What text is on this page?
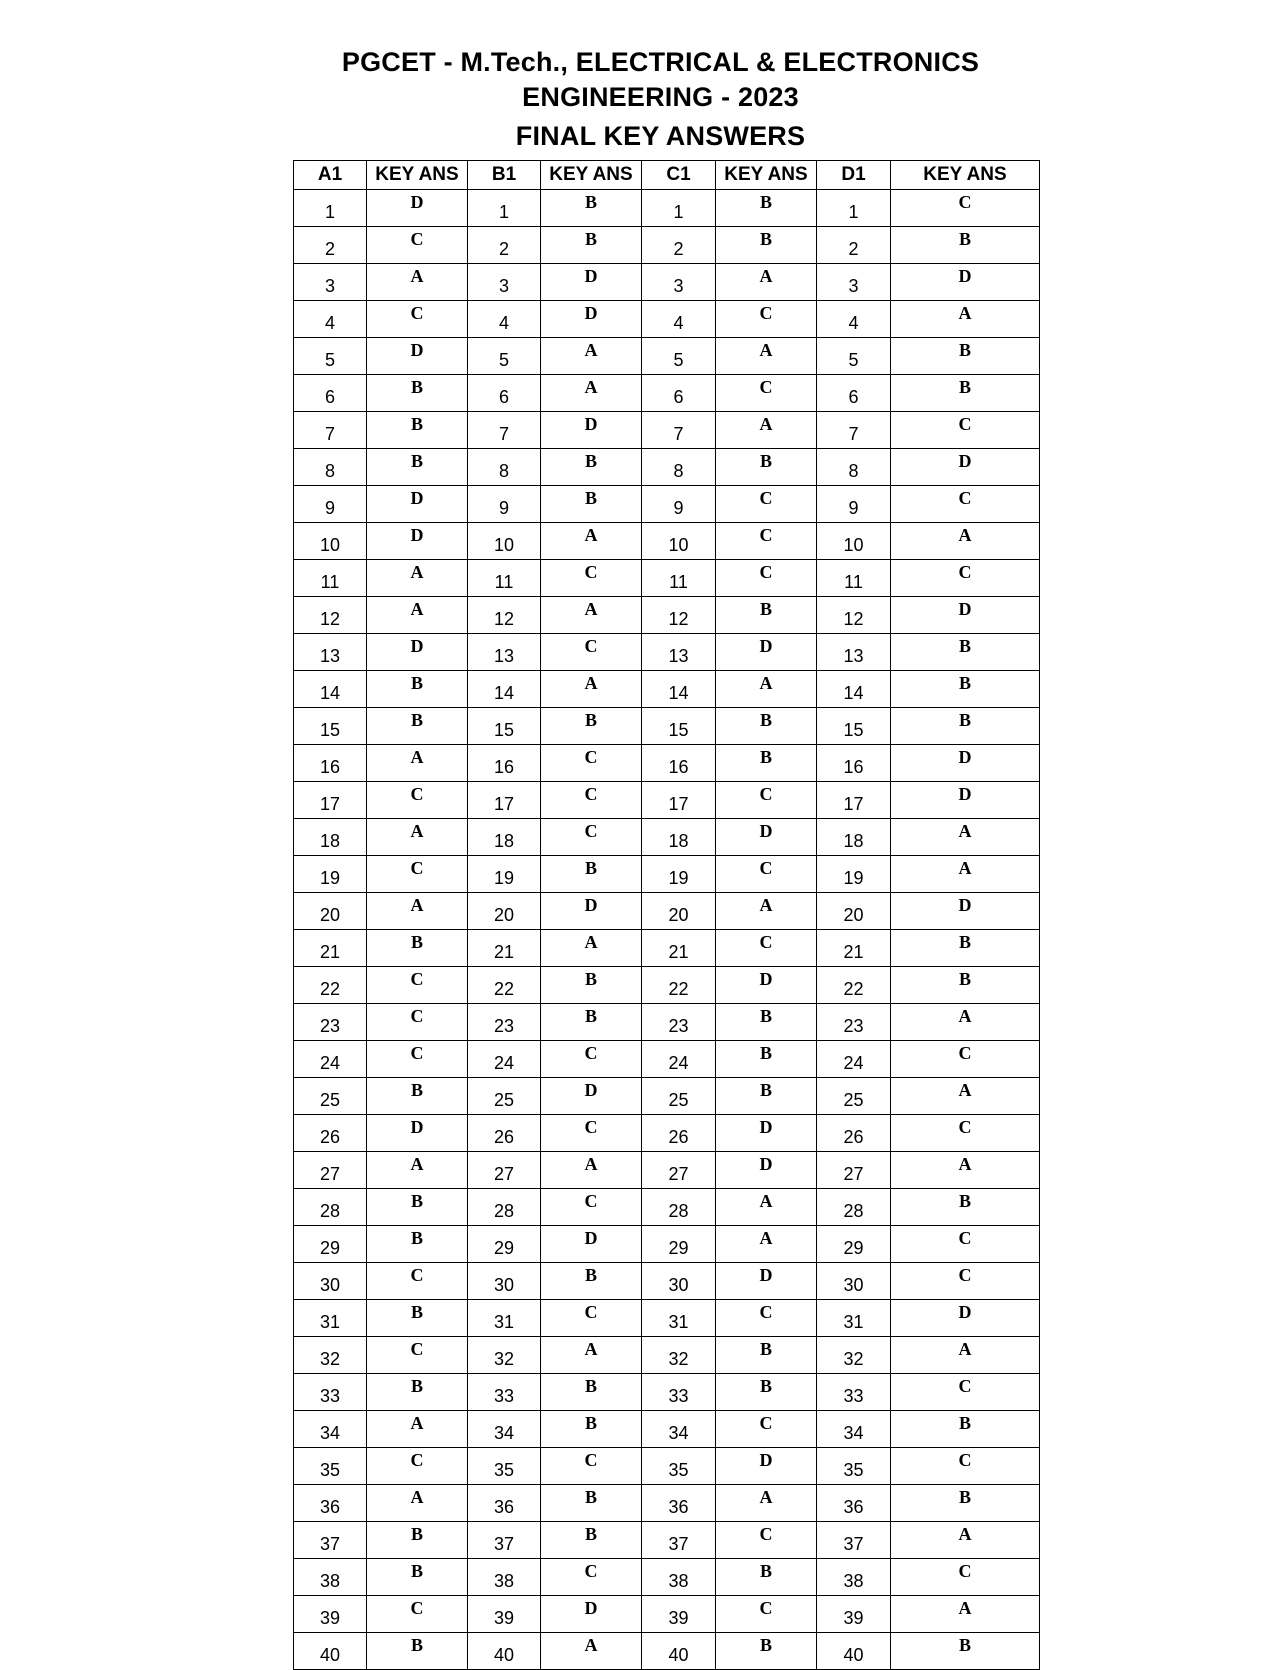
PGCET - M.Tech., ELECTRICAL & ELECTRONICS
ENGINEERING - 2023
FINAL KEY ANSWERS
A1	KEY ANS	B1	KEY ANS	C1	KEY ANS	D1	KEY ANS
1	D	1	B	1	B	1	C
2	C	2	B	2	B	2	B
3	A	3	D	3	A	3	D
4	C	4	D	4	C	4	A
5	D	5	A	5	A	5	B
6	B	6	A	6	C	6	B
7	B	7	D	7	A	7	C
8	B	8	B	8	B	8	D
9	D	9	B	9	C	9	C
10	D	10	A	10	C	10	A
11	A	11	C	11	C	11	C
12	A	12	A	12	B	12	D
13	D	13	C	13	D	13	B
14	B	14	A	14	A	14	B
15	B	15	B	15	B	15	B
16	A	16	C	16	B	16	D
17	C	17	C	17	C	17	D
18	A	18	C	18	D	18	A
19	C	19	B	19	C	19	A
20	A	20	D	20	A	20	D
21	B	21	A	21	C	21	B
22	C	22	B	22	D	22	B
23	C	23	B	23	B	23	A
24	C	24	C	24	B	24	C
25	B	25	D	25	B	25	A
26	D	26	C	26	D	26	C
27	A	27	A	27	D	27	A
28	B	28	C	28	A	28	B
29	B	29	D	29	A	29	C
30	C	30	B	30	D	30	C
31	B	31	C	31	C	31	D
32	C	32	A	32	B	32	A
33	B	33	B	33	B	33	C
34	A	34	B	34	C	34	B
35	C	35	C	35	D	35	C
36	A	36	B	36	A	36	B
37	B	37	B	37	C	37	A
38	B	38	C	38	B	38	C
39	C	39	D	39	C	39	A
40	B	40	A	40	B	40	B
